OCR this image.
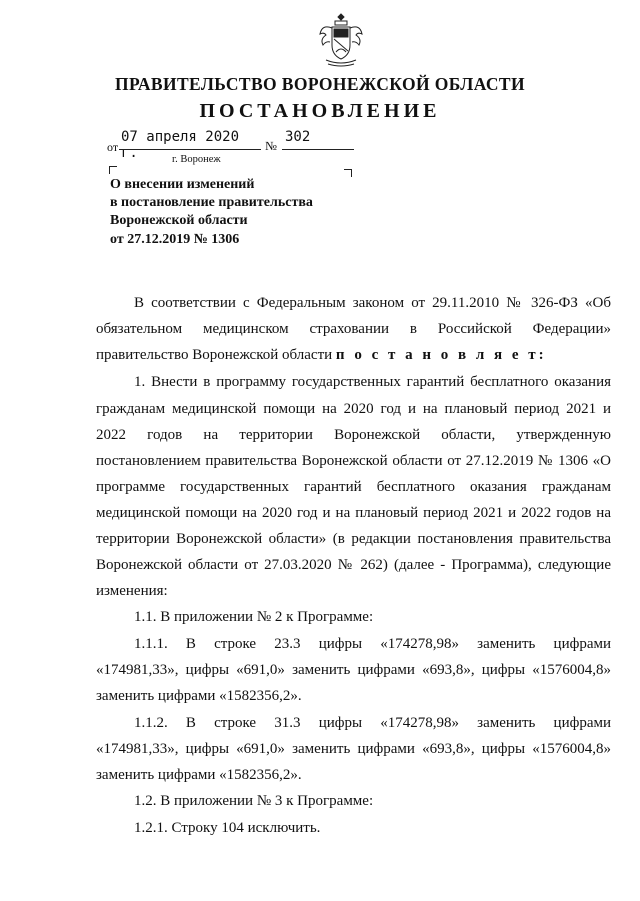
ПРАВИТЕЛЬСТВО ВОРОНЕЖСКОЙ ОБЛАСТИ
ПОСТАНОВЛЕНИЕ
от
07 апреля 2020 г.	№
302
г. Воронеж
О внесении изменений
в постановление правительства
Воронежской области
от 27.12.2019 № 1306
В соответствии с Федеральным законом от 29.11.2010 № 326-ФЗ «Об
обязательном медицинском страховании в Российской Федерации»
правительство Воронежской области п о с т а н о в л я е т:
1. Внести в программу государственных гарантий бесплатного оказания
гражданам медицинской помощи на 2020 год и на плановый период 2021 и
2022 годов на территории Воронежской области, утвержденную
постановлением правительства Воронежской области от 27.12.2019 № 1306 «О
программе государственных гарантий бесплатного оказания гражданам
медицинской помощи на 2020 год и на плановый период 2021 и 2022 годов на
территории Воронежской области» (в редакции постановления правительства
Воронежской области от 27.03.2020 № 262) (далее - Программа), следующие
изменения:
1.1. В приложении № 2 к Программе:
1.1.1. В строке 23.3 цифры «174278,98» заменить цифрами
«174981,33», цифры «691,0» заменить цифрами «693,8», цифры «1576004,8»
заменить цифрами «1582356,2».
1.1.2. В строке 31.3 цифры «174278,98» заменить цифрами
«174981,33», цифры «691,0» заменить цифрами «693,8», цифры «1576004,8»
заменить цифрами «1582356,2».
1.2. В приложении № 3 к Программе:
1.2.1. Строку 104 исключить.
